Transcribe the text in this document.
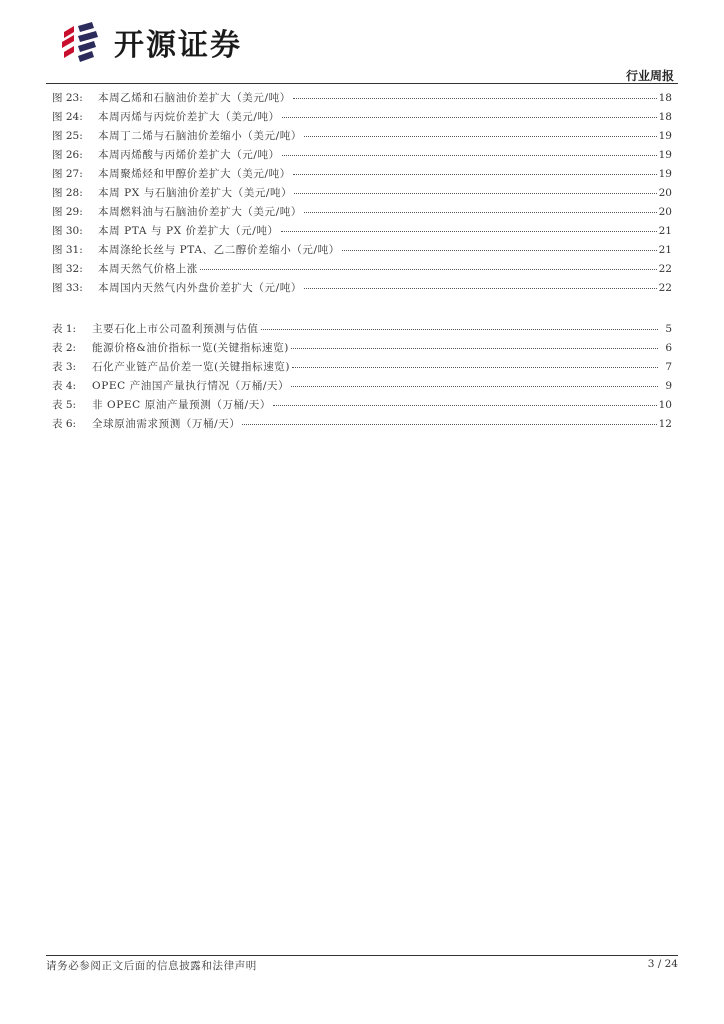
开源证券
行业周报
图 23:	本周乙烯和石脑油价差扩大（美元/吨）	18
图 24:	本周丙烯与丙烷价差扩大（美元/吨）	18
图 25:	本周丁二烯与石脑油价差缩小（美元/吨）	19
图 26:	本周丙烯酸与丙烯价差扩大（元/吨）	19
图 27:	本周聚烯烃和甲醇价差扩大（美元/吨）	19
图 28:	本周 PX 与石脑油价差扩大（美元/吨）	20
图 29:	本周燃料油与石脑油价差扩大（美元/吨）	20
图 30:	本周 PTA 与 PX 价差扩大（元/吨）	21
图 31:	本周涤纶长丝与 PTA、乙二醇价差缩小（元/吨）	21
图 32:	本周天然气价格上涨	22
图 33:	本周国内天然气内外盘价差扩大（元/吨）	22
表 1:	主要石化上市公司盈利预测与估值	5
表 2:	能源价格&油价指标一览(关键指标速览)	6
表 3:	石化产业链产品价差一览(关键指标速览)	7
表 4:	OPEC 产油国产量执行情况（万桶/天）	9
表 5:	非 OPEC 原油产量预测（万桶/天）	10
表 6:	全球原油需求预测（万桶/天）	12
请务必参阅正文后面的信息披露和法律声明	3 / 24
